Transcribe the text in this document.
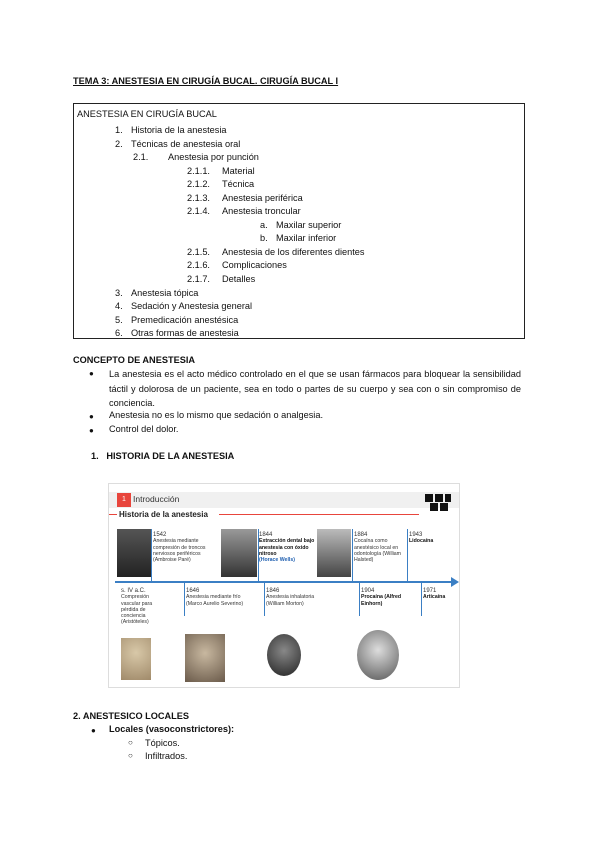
TEMA 3: ANESTESIA EN CIRUGÍA BUCAL. CIRUGÍA BUCAL I
ANESTESIA EN CIRUGÍA BUCAL
1. Historia de la anestesia
2. Técnicas de anestesia oral
2.1. Anestesia por punción
2.1.1. Material
2.1.2. Técnica
2.1.3. Anestesia periférica
2.1.4. Anestesia troncular
a. Maxilar superior
b. Maxilar inferior
2.1.5. Anestesia de los diferentes dientes
2.1.6. Complicaciones
2.1.7. Detalles
3. Anestesia tópica
4. Sedación y Anestesia general
5. Premedicación anestésica
6. Otras formas de anestesia
CONCEPTO DE ANESTESIA
● La anestesia es el acto médico controlado en el que se usan fármacos para bloquear la sensibilidad táctil y dolorosa de un paciente, sea en todo o partes de su cuerpo y sea con o sin compromiso de conciencia.
● Anestesia no es lo mismo que sedación o analgesia.
● Control del dolor.
1.   HISTORIA DE LA ANESTESIA
1 Introducción
Historia de la anestesia
1542
Anestesia mediante compresión de troncos nerviosos periféricos (Ambroise Paré)
1844
Extracción dental bajo anestesia con óxido nitroso
(Horace Wells)
1884
Cocaína como anestésico local en odontología (William Halsted)
1943
Lidocaína
s. IV a.C.
Compresión vascular para pérdida de conciencia (Aristóteles)
1646
Anestesia mediante frío (Marco Aurelio Severino)
1846
Anestesia inhalatoria (William Morton)
1904
Procaína (Alfred Einhorn)
1971
Articaína
2. ANESTESICO LOCALES
● Locales (vasoconstrictores):
○ Tópicos.
○ Infiltrados.
